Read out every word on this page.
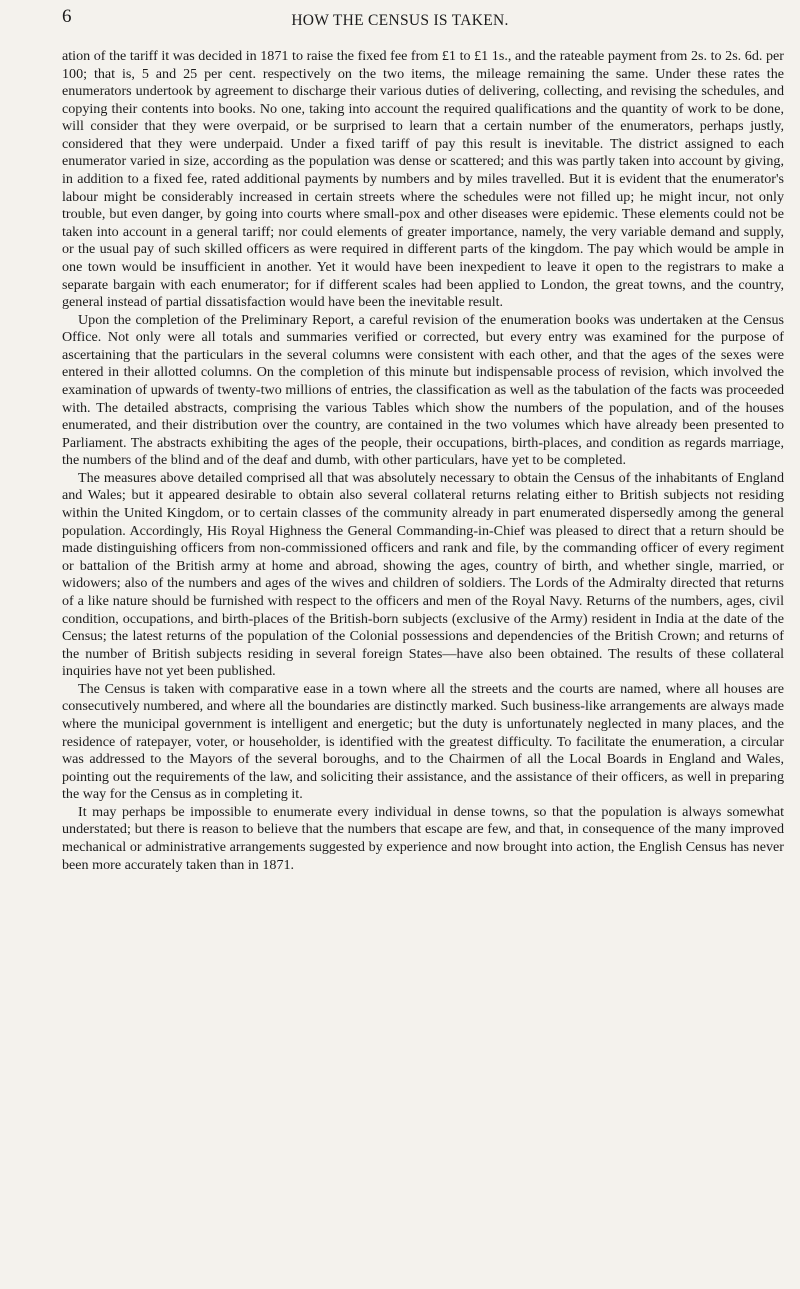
6	HOW THE CENSUS IS TAKEN.

ation of the tariff it was decided in 1871 to raise the fixed fee from £1 to £1 1s., and the rateable payment from 2s. to 2s. 6d. per 100; that is, 5 and 25 per cent. respectively on the two items, the mileage remaining the same. Under these rates the enumerators undertook by agreement to discharge their various duties of delivering, collecting, and revising the schedules, and copying their contents into books. No one, taking into account the required qualifications and the quantity of work to be done, will consider that they were overpaid, or be surprised to learn that a certain number of the enumerators, perhaps justly, considered that they were underpaid. Under a fixed tariff of pay this result is inevitable. The district assigned to each enumerator varied in size, according as the population was dense or scattered; and this was partly taken into account by giving, in addition to a fixed fee, rated additional payments by numbers and by miles travelled. But it is evident that the enumerator's labour might be considerably increased in certain streets where the schedules were not filled up; he might incur, not only trouble, but even danger, by going into courts where small-pox and other diseases were epidemic. These elements could not be taken into account in a general tariff; nor could elements of greater importance, namely, the very variable demand and supply, or the usual pay of such skilled officers as were required in different parts of the kingdom. The pay which would be ample in one town would be insufficient in another. Yet it would have been inexpedient to leave it open to the registrars to make a separate bargain with each enumerator; for if different scales had been applied to London, the great towns, and the country, general instead of partial dissatisfaction would have been the inevitable result.

Upon the completion of the Preliminary Report, a careful revision of the enumeration books was undertaken at the Census Office. Not only were all totals and summaries verified or corrected, but every entry was examined for the purpose of ascertaining that the particulars in the several columns were consistent with each other, and that the ages of the sexes were entered in their allotted columns. On the completion of this minute but indispensable process of revision, which involved the examination of upwards of twenty-two millions of entries, the classification as well as the tabulation of the facts was proceeded with. The detailed abstracts, comprising the various Tables which show the numbers of the population, and of the houses enumerated, and their distribution over the country, are contained in the two volumes which have already been presented to Parliament. The abstracts exhibiting the ages of the people, their occupations, birth-places, and condition as regards marriage, the numbers of the blind and of the deaf and dumb, with other particulars, have yet to be completed.

The measures above detailed comprised all that was absolutely necessary to obtain the Census of the inhabitants of England and Wales; but it appeared desirable to obtain also several collateral returns relating either to British subjects not residing within the United Kingdom, or to certain classes of the community already in part enumerated dispersedly among the general population. Accordingly, His Royal Highness the General Commanding-in-Chief was pleased to direct that a return should be made distinguishing officers from non-commissioned officers and rank and file, by the commanding officer of every regiment or battalion of the British army at home and abroad, showing the ages, country of birth, and whether single, married, or widowers; also of the numbers and ages of the wives and children of soldiers. The Lords of the Admiralty directed that returns of a like nature should be furnished with respect to the officers and men of the Royal Navy. Returns of the numbers, ages, civil condition, occupations, and birth-places of the British-born subjects (exclusive of the Army) resident in India at the date of the Census; the latest returns of the population of the Colonial possessions and dependencies of the British Crown; and returns of the number of British subjects residing in several foreign States—have also been obtained. The results of these collateral inquiries have not yet been published.

The Census is taken with comparative ease in a town where all the streets and the courts are named, where all houses are consecutively numbered, and where all the boundaries are distinctly marked. Such business-like arrangements are always made where the municipal government is intelligent and energetic; but the duty is unfortunately neglected in many places, and the residence of ratepayer, voter, or householder, is identified with the greatest difficulty. To facilitate the enumeration, a circular was addressed to the Mayors of the several boroughs, and to the Chairmen of all the Local Boards in England and Wales, pointing out the requirements of the law, and soliciting their assistance, and the assistance of their officers, as well in preparing the way for the Census as in completing it.

It may perhaps be impossible to enumerate every individual in dense towns, so that the population is always somewhat understated; but there is reason to believe that the numbers that escape are few, and that, in consequence of the many improved mechanical or administrative arrangements suggested by experience and now brought into action, the English Census has never been more accurately taken than in 1871.
